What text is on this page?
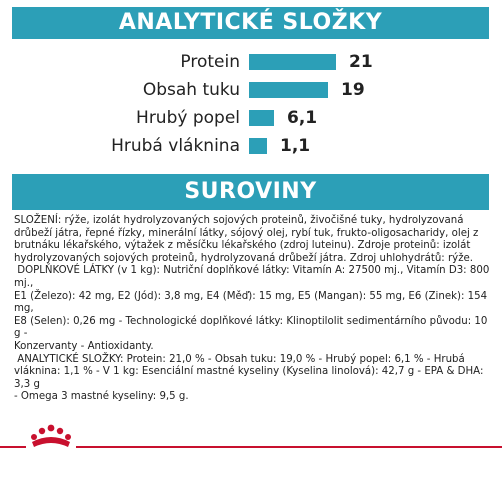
ANALYTICKÉ SLOŽKY
Protein	21
Obsah tuku	19
Hrubý popel	6,1
Hrubá vláknina 1,1
SUROVINY

SLOŽENÍ: rýže, izolát hydrolyzovaných sojových proteinů, živočišné tuky, hydrolyzovaná
drůbeží játra, řepné řízky, minerální látky, sójový olej, rybí tuk, frukto-oligosacharidy, olej z
brutnáku lékařského, výtažek z měsíčku lékařského (zdroj luteinu). Zdroje proteinů: izolát
hydrolyzovaných sojových proteinů, hydrolyzovaná drůbeží játra. Zdroj uhlohydrátů: rýže.
DOPLŇKOVÉ LÁTKY (v 1 kg): Nutriční doplňkové látky: Vitamín A: 27500 mj., Vitamín D3: 800 mj.,
E1 (Železo): 42 mg, E2 (Jód): 3,8 mg, E4 (Měď): 15 mg, E5 (Mangan): 55 mg, E6 (Zinek): 154 mg,
E8 (Selen): 0,26 mg - Technologické doplňkové látky: Klinoptilolit sedimentárního původu: 10 g -
Konzervanty - Antioxidanty.
ANALYTICKÉ SLOŽKY: Protein: 21,0 % - Obsah tuku: 19,0 % - Hrubý popel: 6,1 % - Hrubá
vláknina: 1,1 % - V 1 kg: Esenciální mastné kyseliny (Kyselina linolová): 42,7 g - EPA & DHA: 3,3 g
- Omega 3 mastné kyseliny: 9,5 g.
